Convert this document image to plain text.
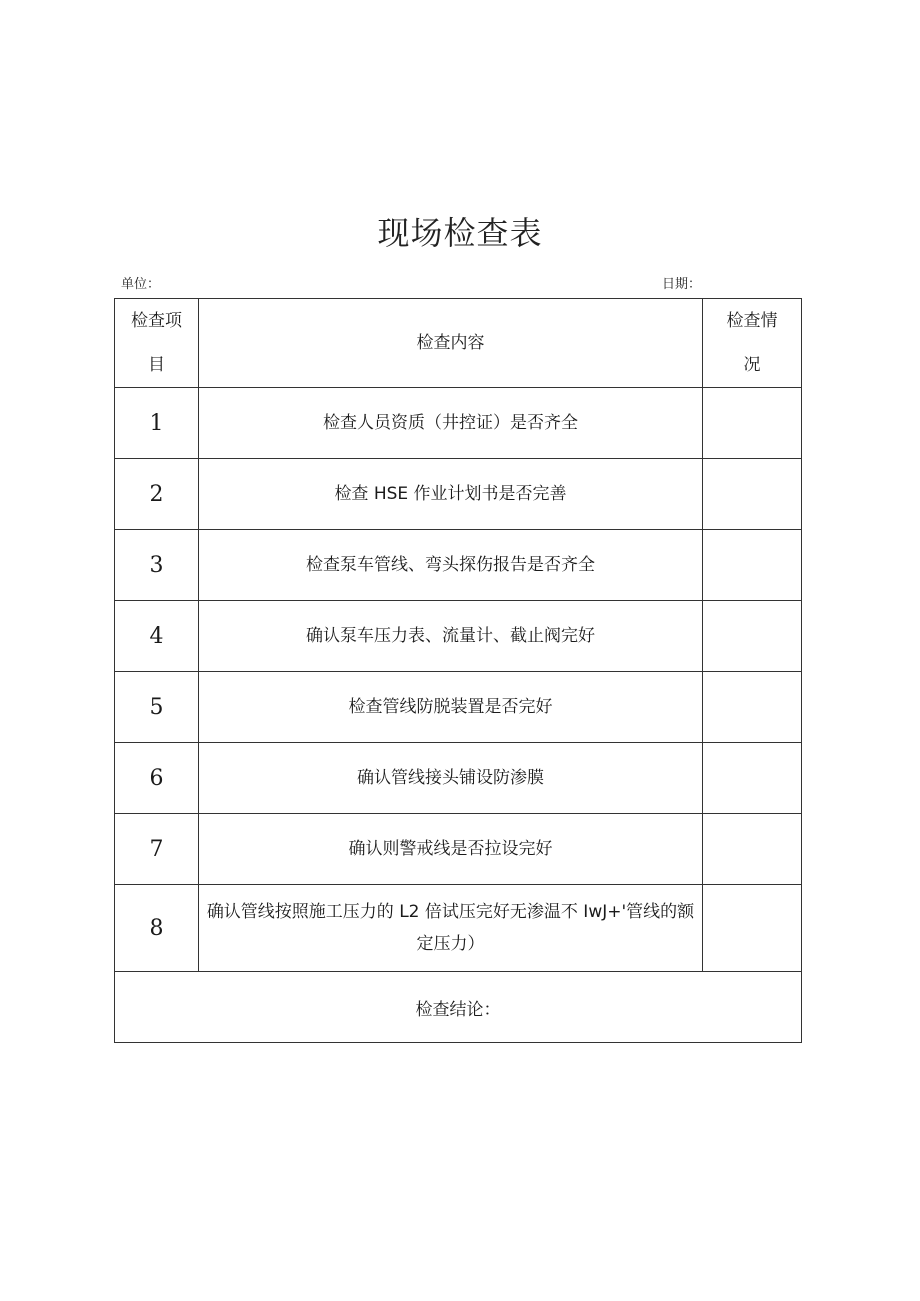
现场检查表
单位：	日期：
检查项目	检查内容	检查情况

1	检查人员资质（井控证）是否齐全	
2	检查 HSE 作业计划书是否完善	
3	检查泵车管线、弯头探伤报告是否齐全	
4	确认泵车压力表、流量计、截止阀完好	
5	检查管线防脱装置是否完好	
6	确认管线接头铺设防渗膜	
7	确认则警戒线是否拉设完好	
8	确认管线按照施工压力的 L2 倍试压完好无渗温不 IwJ+'管线的额定压力）	
检查结论：		
